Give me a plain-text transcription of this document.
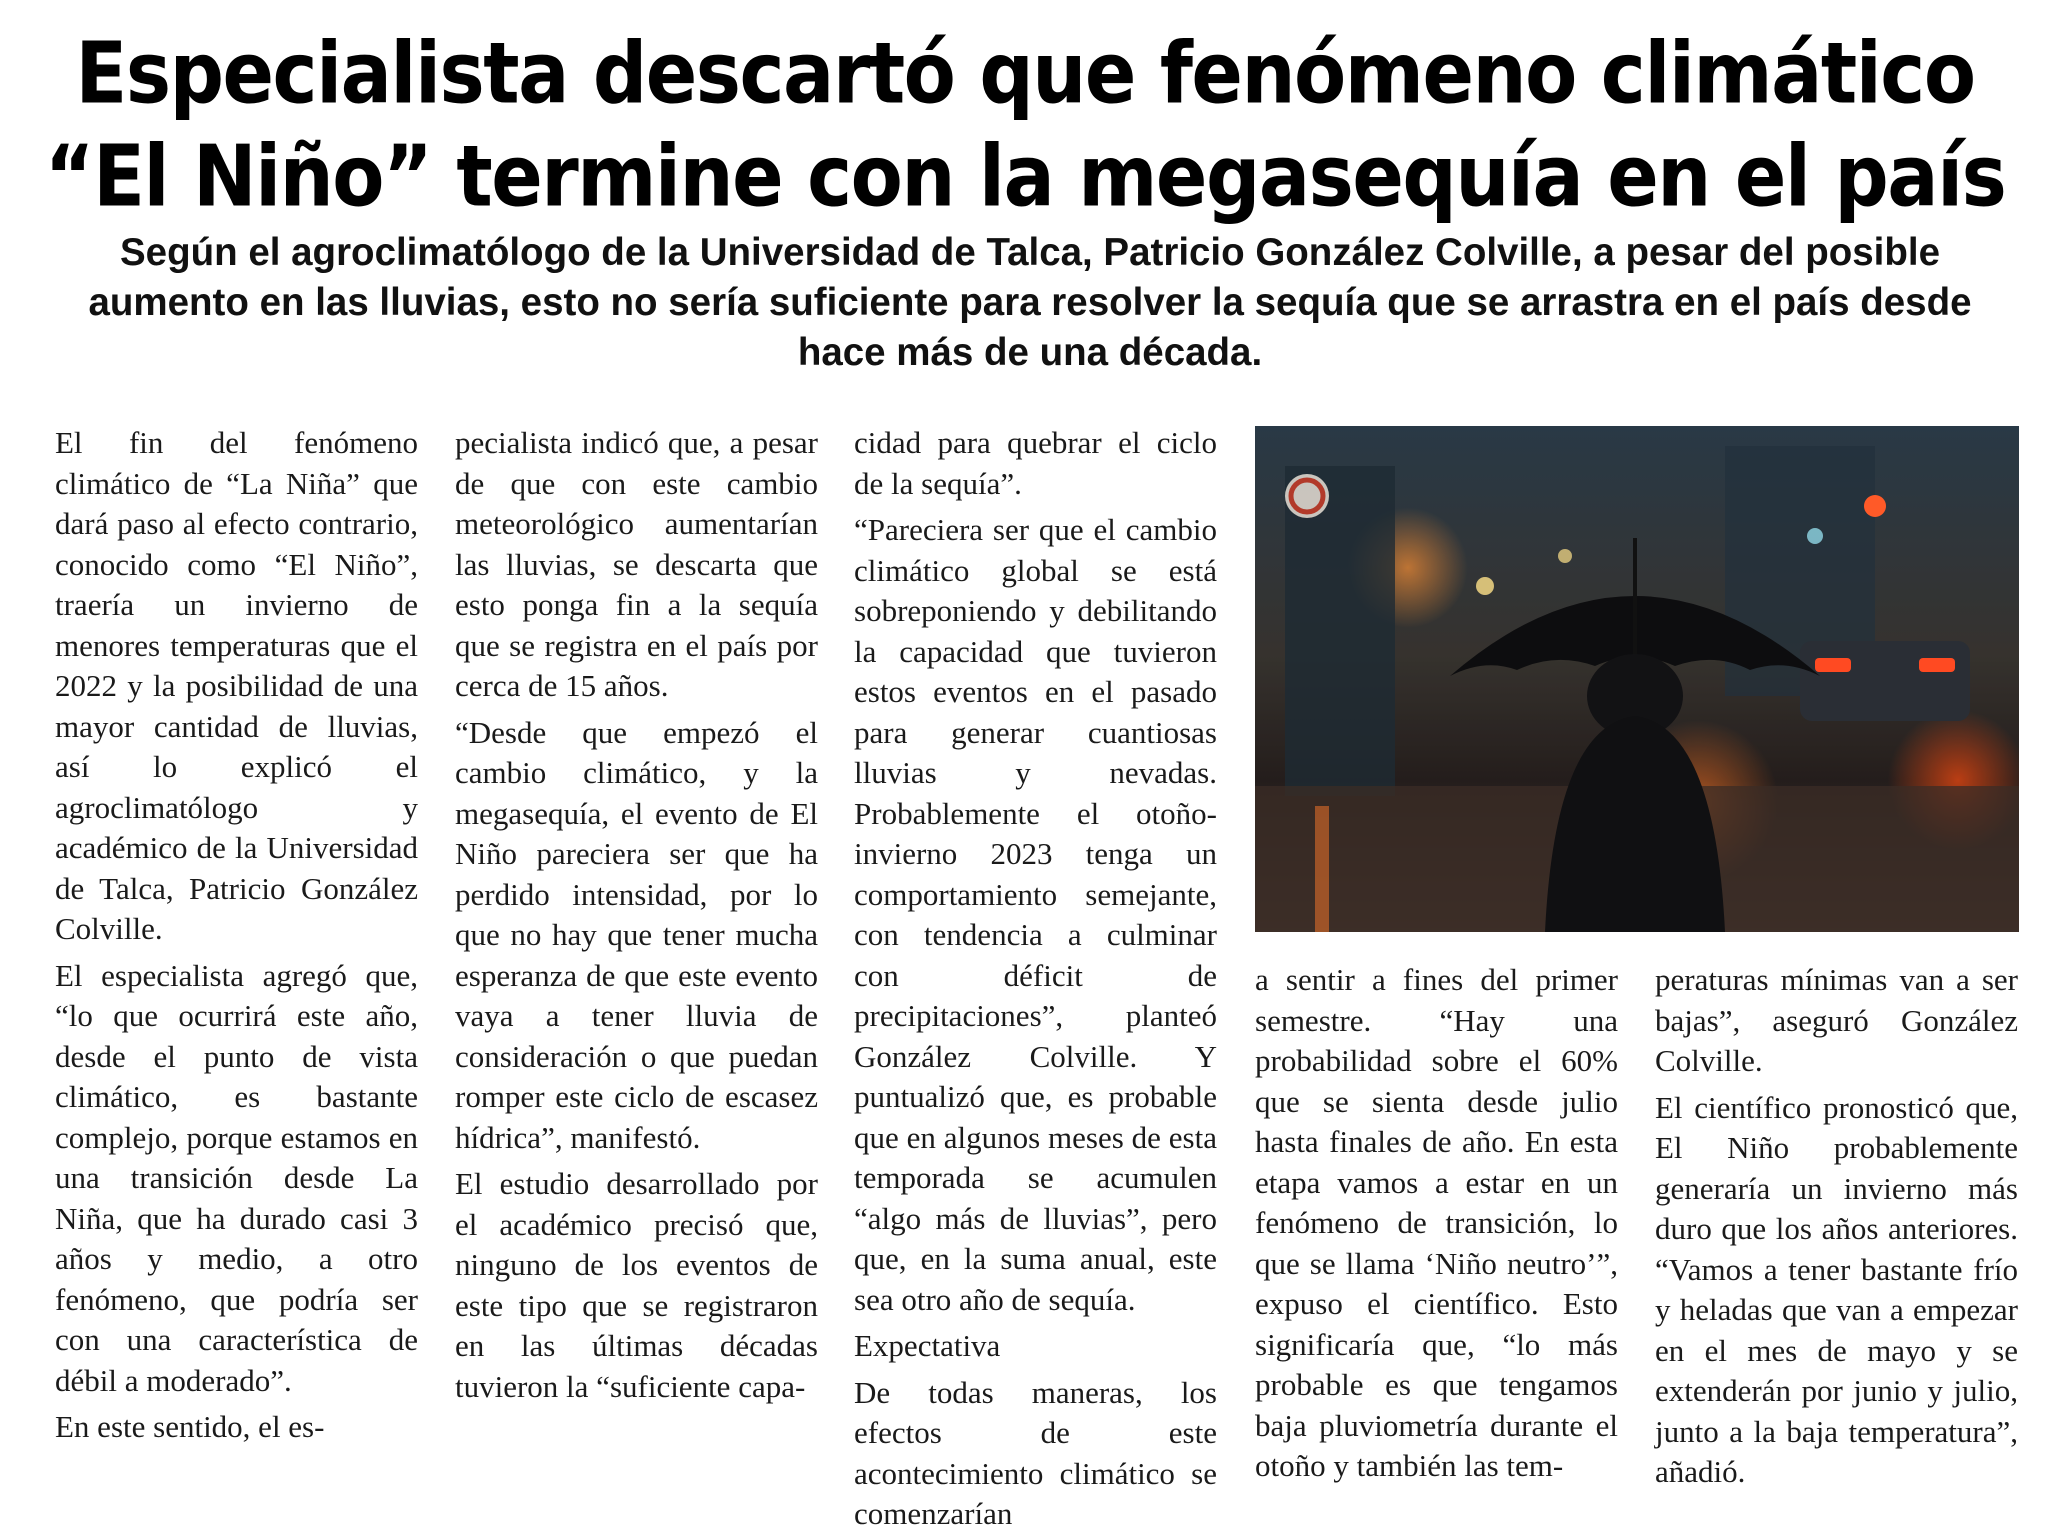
Especialista descartó que fenómeno climático “El Niño” termine con la megasequía en el país
Según el agroclimatólogo de la Universidad de Talca, Patricio González Colville, a pesar del posible aumento en las lluvias, esto no sería suficiente para resolver la sequía que se arrastra en el país desde hace más de una década.

El fin del fenómeno climático de “La Niña” que dará paso al efecto contrario, conocido como “El Niño”, traería un invierno de menores temperaturas que el 2022 y la posibilidad de una mayor cantidad de lluvias, así lo explicó el agroclimatólogo y académico de la Universidad de Talca, Patricio González Colville.

El especialista agregó que, “lo que ocurrirá este año, desde el punto de vista climático, es bastante complejo, porque estamos en una transición desde La Niña, que ha durado casi 3 años y medio, a otro fenómeno, que podría ser con una característica de débil a moderado”.

En este sentido, el es-

pecialista indicó que, a pesar de que con este cambio meteorológico aumentarían las lluvias, se descarta que esto ponga fin a la sequía que se registra en el país por cerca de 15 años.

“Desde que empezó el cambio climático, y la megasequía, el evento de El Niño pareciera ser que ha perdido intensidad, por lo que no hay que tener mucha esperanza de que este evento vaya a tener lluvia de consideración o que puedan romper este ciclo de escasez hídrica”, manifestó.

El estudio desarrollado por el académico precisó que, ninguno de los eventos de este tipo que se registraron en las últimas décadas tuvieron la “suficiente capa-

cidad para quebrar el ciclo de la sequía”.

“Pareciera ser que el cambio climático global se está sobreponiendo y debilitando la capacidad que tuvieron estos eventos en el pasado para generar cuantiosas lluvias y nevadas. Probablemente el otoño-invierno 2023 tenga un comportamiento semejante, con tendencia a culminar con déficit de precipitaciones”, planteó González Colville. Y puntualizó que, es probable que en algunos meses de esta temporada se acumulen “algo más de lluvias”, pero que, en la suma anual, este sea otro año de sequía.

Expectativa

De todas maneras, los efectos de este acontecimiento climático se comenzarían

a sentir a fines del primer semestre. “Hay una probabilidad sobre el 60% que se sienta desde julio hasta finales de año. En esta etapa vamos a estar en un fenómeno de transición, lo que se llama ‘Niño neutro’”, expuso el científico. Esto significaría que, “lo más probable es que tengamos baja pluviometría durante el otoño y también las tem-

peraturas mínimas van a ser bajas”, aseguró González Colville.

El científico pronosticó que, El Niño probablemente generaría un invierno más duro que los años anteriores. “Vamos a tener bastante frío y heladas que van a empezar en el mes de mayo y se extenderán por junio y julio, junto a la baja temperatura”, añadió.
